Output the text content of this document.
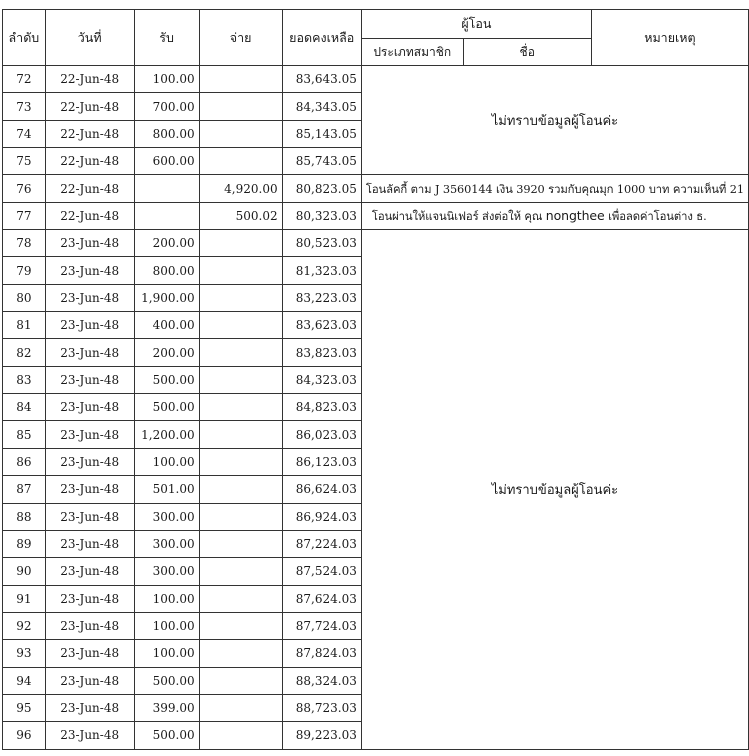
ลำดับ	วันที่	รับ	จ่าย	ยอดคงเหลือ	ผู้โอน		หมายเหตุ
					ประเภทสมาชิก	ชื่อ	
72	22-Jun-48	100.00		83,643.05	ไม่ทราบข้อมูลผู้โอนค่ะ		
73	22-Jun-48	700.00		84,343.05			
74	22-Jun-48	800.00		85,143.05			
75	22-Jun-48	600.00		85,743.05			
76	22-Jun-48		4,920.00	80,823.05	โอนลัคกี้ ตาม J 3560144 เงิน 3920 รวมกับคุณมุก 1000 บาท ความเห็นที่ 21		
77	22-Jun-48		500.02	80,323.03	โอนผ่านให้แจนนิเฟอร์ ส่งต่อให้ คุณ nongthee เพื่อลดค่าโอนต่าง ธ.		
78	23-Jun-48	200.00		80,523.03	ไม่ทราบข้อมูลผู้โอนค่ะ		
79	23-Jun-48	800.00		81,323.03			
80	23-Jun-48	1,900.00		83,223.03			
81	23-Jun-48	400.00		83,623.03			
82	23-Jun-48	200.00		83,823.03			
83	23-Jun-48	500.00		84,323.03			
84	23-Jun-48	500.00		84,823.03			
85	23-Jun-48	1,200.00		86,023.03			
86	23-Jun-48	100.00		86,123.03			
87	23-Jun-48	501.00		86,624.03			
88	23-Jun-48	300.00		86,924.03			
89	23-Jun-48	300.00		87,224.03			
90	23-Jun-48	300.00		87,524.03			
91	23-Jun-48	100.00		87,624.03			
92	23-Jun-48	100.00		87,724.03			
93	23-Jun-48	100.00		87,824.03			
94	23-Jun-48	500.00		88,324.03			
95	23-Jun-48	399.00		88,723.03			
96	23-Jun-48	500.00		89,223.03			
